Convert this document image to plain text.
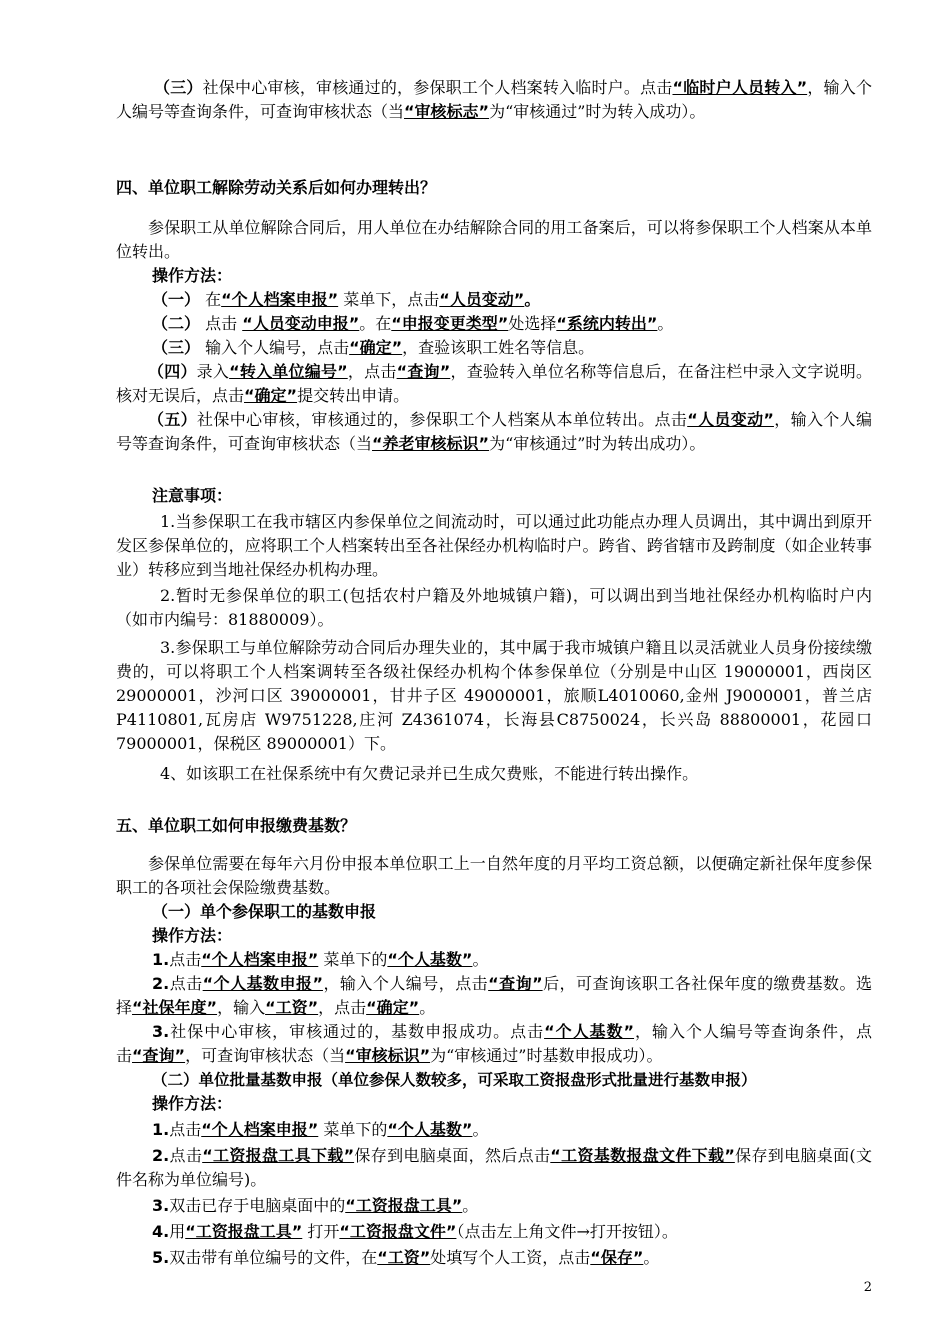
（三）社保中心审核，审核通过的，参保职工个人档案转入临时户。点击“临时户人员转入”，输入个人编号等查询条件，可查询审核状态（当“审核标志”为“审核通过”时为转入成功）。
四、单位职工解除劳动关系后如何办理转出？
参保职工从单位解除合同后，用人单位在办结解除合同的用工备案后，可以将参保职工个人档案从本单位转出。
操作方法：
（一） 在“个人档案申报” 菜单下，点击“人员变动”。
（二） 点击 “人员变动申报”。在“申报变更类型”处选择“系统内转出”。
（三） 输入个人编号，点击“确定”，查验该职工姓名等信息。
（四）录入“转入单位编号”，点击“查询”，查验转入单位名称等信息后，在备注栏中录入文字说明。核对无误后，点击“确定”提交转出申请。
（五）社保中心审核，审核通过的，参保职工个人档案从本单位转出。点击“人员变动”，输入个人编号等查询条件，可查询审核状态（当“养老审核标识”为“审核通过”时为转出成功）。
注意事项：
1.当参保职工在我市辖区内参保单位之间流动时，可以通过此功能点办理人员调出，其中调出到原开发区参保单位的，应将职工个人档案转出至各社保经办机构临时户。跨省、跨省辖市及跨制度（如企业转事业）转移应到当地社保经办机构办理。
2.暂时无参保单位的职工(包括农村户籍及外地城镇户籍)，可以调出到当地社保经办机构临时户内（如市内编号：81880009）。
3.参保职工与单位解除劳动合同后办理失业的，其中属于我市城镇户籍且以灵活就业人员身份接续缴费的，可以将职工个人档案调转至各级社保经办机构个体参保单位（分别是中山区 19000001，西岗区 29000001，沙河口区 39000001，甘井子区 49000001，旅顺L4010060,金州 J9000001，普兰店 P4110801,瓦房店 W9751228,庄河 Z4361074，长海县C8750024，长兴岛 88800001，花园口 79000001，保税区 89000001）下。
4、如该职工在社保系统中有欠费记录并已生成欠费账，不能进行转出操作。
五、单位职工如何申报缴费基数？
参保单位需要在每年六月份申报本单位职工上一自然年度的月平均工资总额，以便确定新社保年度参保职工的各项社会保险缴费基数。
（一）单个参保职工的基数申报
操作方法：
1.点击“个人档案申报” 菜单下的“个人基数”。
2.点击“个人基数申报”，输入个人编号，点击“查询”后，可查询该职工各社保年度的缴费基数。选择“社保年度”，输入“工资”，点击“确定”。
3.社保中心审核，审核通过的，基数申报成功。点击“个人基数”，输入个人编号等查询条件，点击“查询”，可查询审核状态（当“审核标识”为“审核通过”时基数申报成功）。
（二）单位批量基数申报（单位参保人数较多，可采取工资报盘形式批量进行基数申报）
操作方法：
1.点击“个人档案申报” 菜单下的“个人基数”。
2.点击“工资报盘工具下载”保存到电脑桌面，然后点击“工资基数报盘文件下载”保存到电脑桌面(文件名称为单位编号)。
3.双击已存于电脑桌面中的“工资报盘工具”。
4.用“工资报盘工具” 打开“工资报盘文件”（点击左上角文件→打开按钮）。
5.双击带有单位编号的文件，在“工资”处填写个人工资，点击“保存”。
2
